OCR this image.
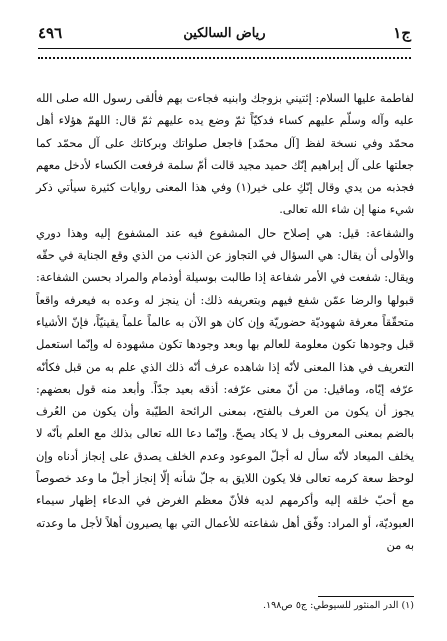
٤٩٦	رياض السالكين	ج١

لفاطمة عليها السلام: إئتيني بزوجك وابنيه فجاءت بهم فألقى رسول الله صلى الله عليه وآله وسلّم عليهم كساء فدكيّاً ثمّ وضع يده عليهم ثمّ قال: اللهمّ هؤلاء أهل محمّد وفي نسخة لفظ [آل محمّد] فاجعل صلواتك وبركاتك على آل محمّد كما جعلتها على آل إبراهيم إنّك حميد مجيد قالت أمّ سلمة فرفعت الكساء لأدخل معهم فجذبه من يدي وقال إنّكِ على خير(١) وفي هذا المعنى روايات كثيرة سيأتي ذكر شيء منها إن شاء الله تعالى.

والشفاعة: قيل: هي إصلاح حال المشفوع فيه عند المشفوع إليه وهذا دوري والأولى أن يقال: هي السؤال في التجاوز عن الذنب من الذي وقع الجناية في حقّه ويقال: شفعت في الأمر شفاعة إذا طالبت بوسيلة أوذمام والمراد بحسن الشفاعة: قبولها والرضا عمّن شفع فيهم وبتعريفه ذلك: أن ينجز له وعده به فيعرفه واقعاً متحقّقاً معرفة شهوديّة حضوريّة وإن كان هو الآن به عالماً علماً يقينيّاً، فإنّ الأشياء قبل وجودها تكون معلومة للعالم بها وبعد وجودها تكون مشهودة له وإنّما استعمل التعريف في هذا المعنى لأنّه إذا شاهده عرف أنّه ذلك الذي علم به من قبل فكأنّه عرّفه إيّاه، وماقيل: من أنّ معنى عرّفه: أذقه بعيد جدّاً. وأبعد منه قول بعضهم: يجوز أن يكون من العرف بالفتح، بمعنى الرائحة الطيّبة وأن يكون من العُرف بالضم بمعنى المعروف بل لا يكاد يصحّ. وإنّما دعا الله تعالى بذلك مع العلم بأنّه لا يخلف الميعاد لأنّه سأل له أجلّ الموعود وعدم الخلف يصدق على إنجاز أدناه وإن لوحظ سعة كرمه تعالى فلا يكون اللايق به جلّ شأنه إلّا إنجاز أجلّ ما وعد خصوصاً مع أحبّ خلقه إليه وأكرمهم لديه فلأنّ معظم الغرض في الدعاء إظهار سيماء العبوديّة، أو المراد: وفّق أهل شفاعته للأعمال التي بها يصيرون أهلاً لأجل ما وعدته به من

(١) الدر المنثور للسيوطي: ج٥ ص١٩٨.
